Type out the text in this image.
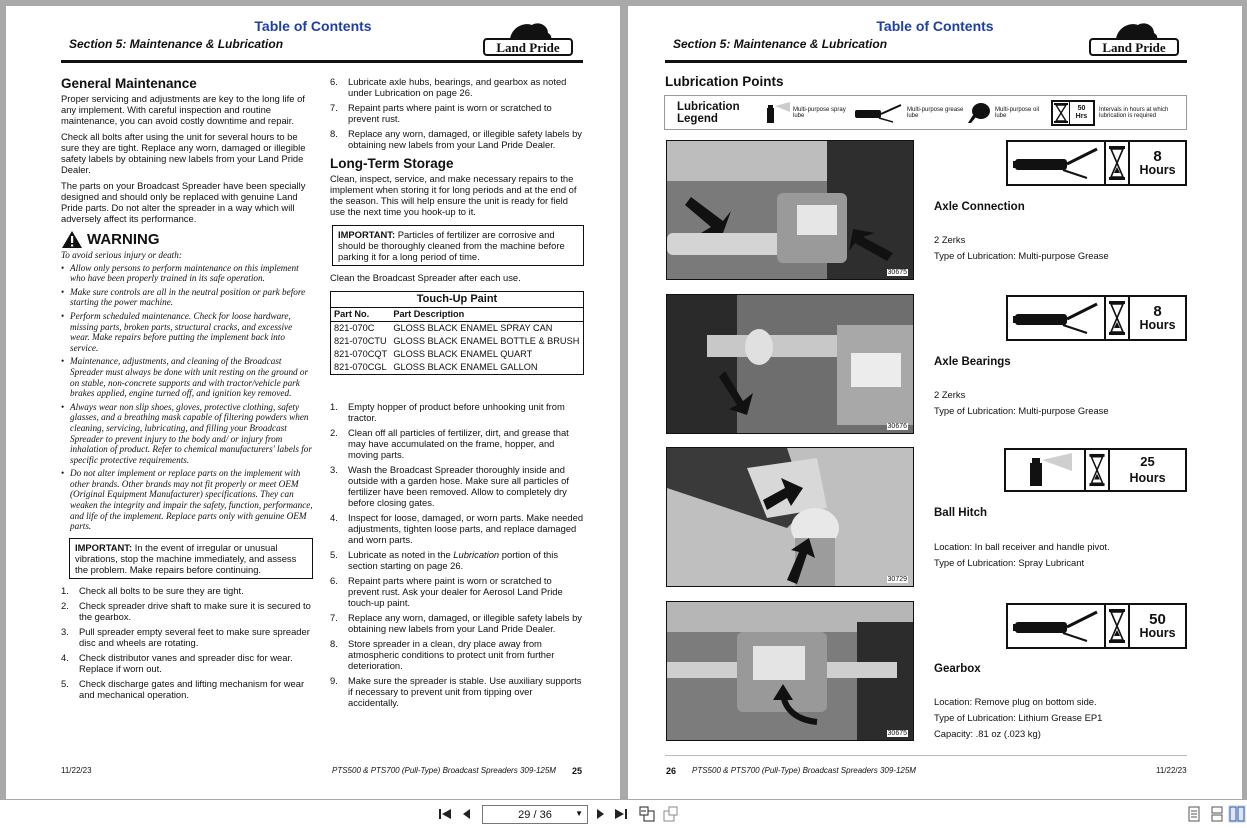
Table of Contents
Section 5: Maintenance & Lubrication	Land Pride
General Maintenance

Proper servicing and adjustments are key to the long life of any implement. With careful inspection and routine maintenance, you can avoid costly downtime and repair.

Check all bolts after using the unit for several hours to be sure they are tight. Replace any worn, damaged or illegible safety labels by obtaining new labels from your Land Pride Dealer.

The parts on your Broadcast Spreader have been specially designed and should only be replaced with genuine Land Pride parts. Do not alter the spreader in a way which will adversely affect its performance.

WARNING
To avoid serious injury or death:
• Allow only persons to perform maintenance on this implement who have been properly trained in its safe operation.
• Make sure controls are all in the neutral position or park before starting the power machine.
• Perform scheduled maintenance. Check for loose hardware, missing parts, broken parts, structural cracks, and excessive wear. Make repairs before putting the implement back into service.
• Maintenance, adjustments, and cleaning of the Broadcast Spreader must always be done with unit resting on the ground or on stable, non-concrete supports and with tractor/vehicle park brakes applied, engine turned off, and ignition key removed.
• Always wear non slip shoes, gloves, protective clothing, safety glasses, and a breathing mask capable of filtering powders when cleaning, servicing, lubricating, and filling your Broadcast Spreader to prevent injury to the body and/ or injury from inhalation of product. Refer to chemical manufacturers' labels for specific protective requirements.
• Do not alter implement or replace parts on the implement with other brands. Other brands may not fit properly or meet OEM (Original Equipment Manufacturer) specifications. They can weaken the integrity and impair the safety, function, performance, and life of the implement. Replace parts only with genuine OEM parts.
IMPORTANT: In the event of irregular or unusual vibrations, stop the machine immediately, and assess the problem. Make repairs before continuing.
1.	Check all bolts to be sure they are tight.
2.	Check spreader drive shaft to make sure it is secured to the gearbox.
3.	Pull spreader empty several feet to make sure spreader disc and wheels are rotating.
4.	Check distributor vanes and spreader disc for wear. Replace if worn out.
5.	Check discharge gates and lifting mechanism for wear and mechanical operation.
6.	Lubricate axle hubs, bearings, and gearbox as noted under Lubrication on page 26.
7.	Repaint parts where paint is worn or scratched to prevent rust.
8.	Replace any worn, damaged, or illegible safety labels by obtaining new labels from your Land Pride Dealer.
Long-Term Storage

Clean, inspect, service, and make necessary repairs to the implement when storing it for long periods and at the end of the season. This will help ensure the unit is ready for field use the next time you hook-up to it.

IMPORTANT: Particles of fertilizer are corrosive and should be thoroughly cleaned from the machine before parking it for a long period of time.

Clean the Broadcast Spreader after each use.

Touch-Up Paint
Part No.	Part Description
821-070C	GLOSS BLACK ENAMEL SPRAY CAN
821-070CTU	GLOSS BLACK ENAMEL BOTTLE & BRUSH
821-070CQT	GLOSS BLACK ENAMEL QUART
821-070CGL	GLOSS BLACK ENAMEL GALLON
1.	Empty hopper of product before unhooking unit from tractor.
2.	Clean off all particles of fertilizer, dirt, and grease that may have accumulated on the frame, hopper, and moving parts.
3.	Wash the Broadcast Spreader thoroughly inside and outside with a garden hose. Make sure all particles of fertilizer have been removed. Allow to completely dry before closing gates.
4.	Inspect for loose, damaged, or worn parts. Make needed adjustments, tighten loose parts, and replace damaged and worn parts.
5.	Lubricate as noted in the Lubrication portion of this section starting on page 26.
6.	Repaint parts where paint is worn or scratched to prevent rust. Ask your dealer for Aerosol Land Pride touch-up paint.
7.	Replace any worn, damaged, or illegible safety labels by obtaining new labels from your Land Pride Dealer.
8.	Store spreader in a clean, dry place away from atmospheric conditions to protect unit from further deterioration.
9.	Make sure the spreader is stable. Use auxiliary supports if necessary to prevent unit from tipping over accidentally.
11/22/23	PTS500 & PTS700 (Pull-Type) Broadcast Spreaders 309-125M 25
Table of Contents
Section 5: Maintenance & Lubrication	Land Pride
Lubrication Points
Lubrication
Legend
Multi-purpose spray lube
Multi-purpose grease lube
Multi-purpose oil lube
50
Hrs
Intervals in hours at which lubrication is required
30675
8
Hours
Axle Connection
2 Zerks
Type of Lubrication: Multi-purpose Grease
30676
8
Hours
Axle Bearings
2 Zerks
Type of Lubrication: Multi-purpose Grease
30729
25
Hours
Ball Hitch
Location: In ball receiver and handle pivot.
Type of Lubrication: Spray Lubricant
30675
50
Hours
Gearbox
Location: Remove plug on bottom side.
Type of Lubrication: Lithium Grease EP1
Capacity: .81 oz (.023 kg)
26 PTS500 & PTS700 (Pull-Type) Broadcast Spreaders 309-125M	11/22/23
29 / 36	▼
